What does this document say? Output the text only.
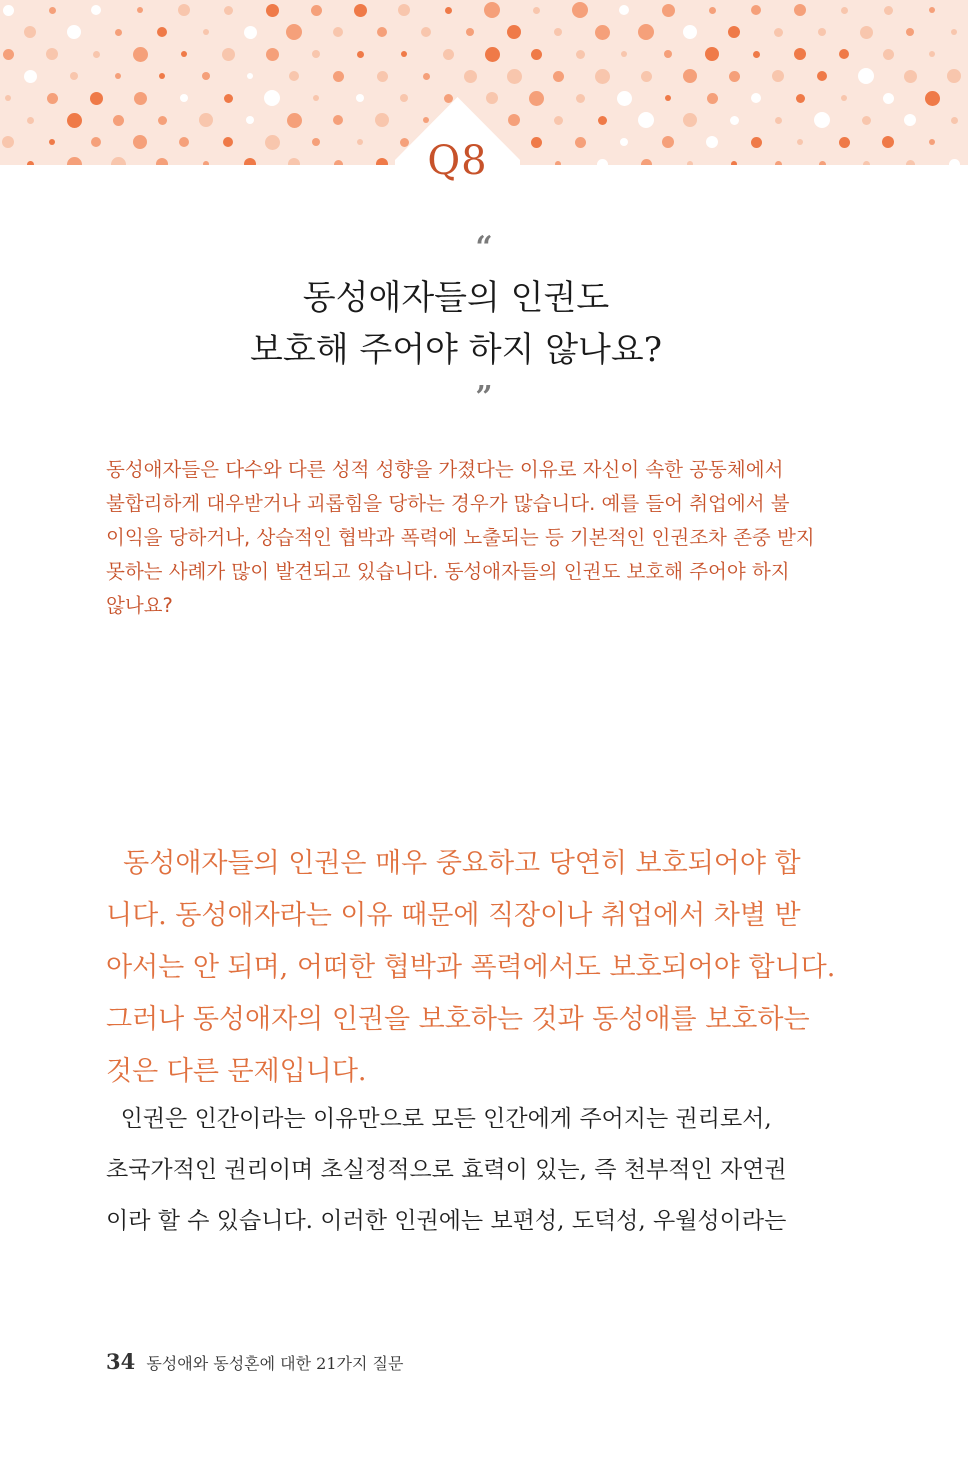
Q8
“
동성애자들의 인권도
보호해 주어야 하지 않나요?
”
동성애자들은 다수와 다른 성적 성향을 가졌다는 이유로 자신이 속한 공동체에서
불합리하게 대우받거나 괴롭힘을 당하는 경우가 많습니다. 예를 들어 취업에서 불
이익을 당하거나, 상습적인 협박과 폭력에 노출되는 등 기본적인 인권조차 존중 받지
못하는 사례가 많이 발견되고 있습니다. 동성애자들의 인권도 보호해 주어야 하지
않나요?
동성애자들의 인권은 매우 중요하고 당연히 보호되어야 합
니다. 동성애자라는 이유 때문에 직장이나 취업에서 차별 받
아서는 안 되며, 어떠한 협박과 폭력에서도 보호되어야 합니다.
그러나 동성애자의 인권을 보호하는 것과 동성애를 보호하는
것은 다른 문제입니다.
인권은 인간이라는 이유만으로 모든 인간에게 주어지는 권리로서,
초국가적인 권리이며 초실정적으로 효력이 있는, 즉 천부적인 자연권
이라 할 수 있습니다. 이러한 인권에는 보편성, 도덕성, 우월성이라는
34 동성애와 동성혼에 대한 21가지 질문
